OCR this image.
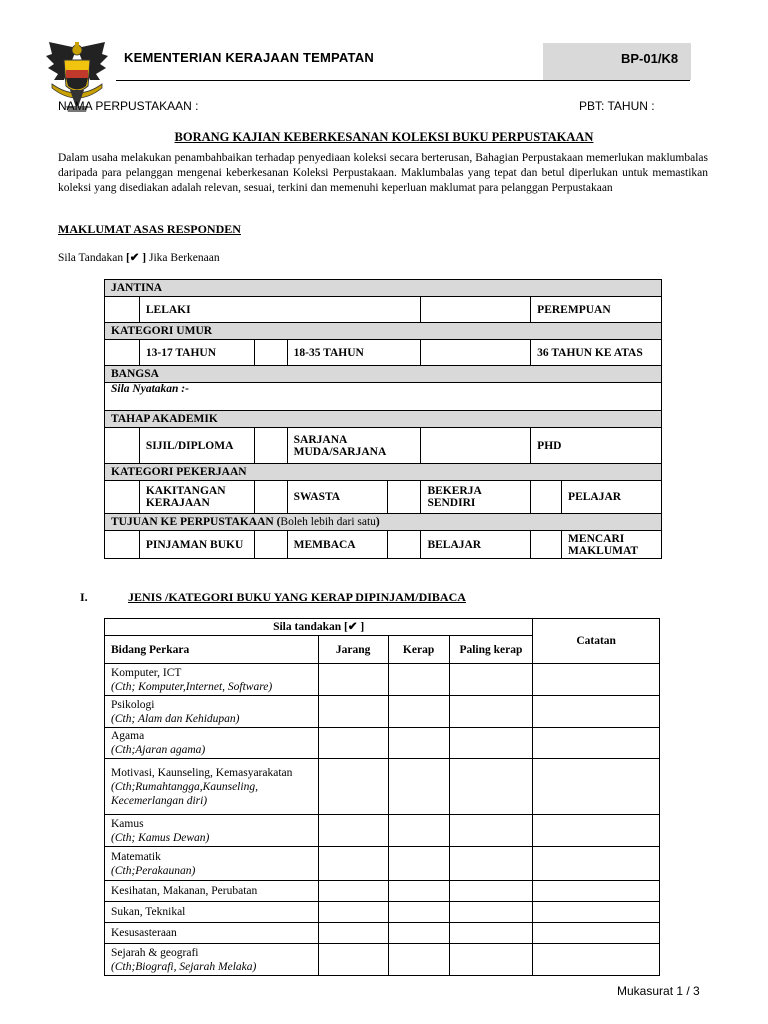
KEMENTERIAN KERAJAAN TEMPATAN	BP-01/K8
NAMA PERPUSTAKAAN :	PBT: TAHUN :
BORANG KAJIAN KEBERKESANAN KOLEKSI BUKU PERPUSTAKAAN
Dalam usaha melakukan penambahbaikan terhadap penyediaan koleksi secara berterusan, Bahagian Perpustakaan memerlukan maklumbalas daripada para pelanggan mengenai keberkesanan Koleksi Perpustakaan. Maklumbalas yang tepat dan betul diperlukan untuk memastikan koleksi yang disediakan adalah relevan, sesuai, terkini dan memenuhi keperluan maklumat para pelanggan Perpustakaan
MAKLUMAT ASAS RESPONDEN
Sila Tandakan [✔ ] Jika Berkenaan
JANTINA							
	LELAKI					PEREMPUAN	
KATEGORI UMUR							
	13-17 TAHUN		18-35 TAHUN			36 TAHUN KE ATAS	
BANGSA							
Sila Nyatakan :-							
TAHAP AKADEMIK							
	SIJIL/DIPLOMA		SARJANA MUDA/SARJANA			PHD	
KATEGORI PEKERJAAN							
	KAKITANGAN KERAJAAN		SWASTA		BEKERJA SENDIRI		PELAJAR
TUJUAN KE PERPUSTAKAAN (Boleh lebih dari satu)							
	PINJAMAN BUKU		MEMBACA		BELAJAR		MENCARI MAKLUMAT
I.	JENIS /KATEGORI BUKU YANG KERAP DIPINJAM/DIBACA
Sila tandakan [✔ ]				Catatan
Bidang Perkara	Jarang	Kerap	Paling kerap	

Komputer, ICT
(Cth; Komputer,Internet, Software)				

Psikologi
(Cth; Alam dan Kehidupan)				

Agama
(Cth;Ajaran agama)				

Motivasi, Kaunseling, Kemasyarakatan
(Cth;Rumahtangga,Kaunseling, Kecemerlangan diri)				

Kamus
(Cth; Kamus Dewan)				

Matematik
(Cth;Perakaunan)				

Kesihatan, Makanan, Perubatan				

Sukan, Teknikal				

Kesusasteraan				

Sejarah & geografi
(Cth;Biografi, Sejarah Melaka)				

Mukasurat 1 / 3
